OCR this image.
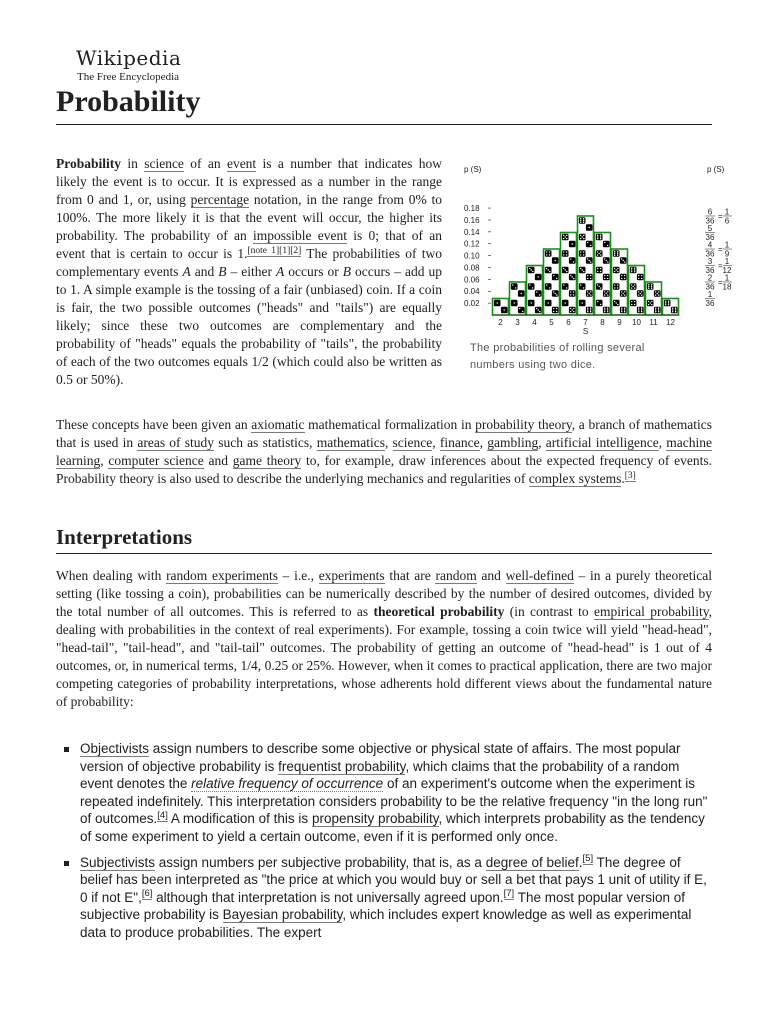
Wikipedia
The Free Encyclopedia
Probability

Probability in science of an event is a number that indicates how likely the event is to occur. It is expressed as a number in the range from 0 and 1, or, using percentage notation, in the range from 0% to 100%. The more likely it is that the event will occur, the higher its probability. The probability of an impossible event is 0; that of an event that is certain to occur is 1.[note 1][1][2] The probabilities of two complementary events A and B – either A occurs or B occurs – add up to 1. A simple example is the tossing of a fair (unbiased) coin. If a coin is fair, the two possible outcomes ("heads" and "tails") are equally likely; since these two outcomes are complementary and the probability of "heads" equals the probability of "tails", the probability of each of the two outcomes equals 1/2 (which could also be written as 0.5 or 50%).

p (S)
0.02
0.04
0.06
0.08
0.10
0.12
0.14
0.16
0.18
2 3 4 5 6 7 8 9 10 11 12
S
p (S)
6
36 = 1
6
5
36
4
36 = 1
9
3
36 = 1
12
2
36 = 1
18
1
36
The probabilities of rolling several numbers using two dice.

These concepts have been given an axiomatic mathematical formalization in probability theory, a branch of mathematics that is used in areas of study such as statistics, mathematics, science, finance, gambling, artificial intelligence, machine learning, computer science and game theory to, for example, draw inferences about the expected frequency of events. Probability theory is also used to describe the underlying mechanics and regularities of complex systems.[3]

Interpretations

When dealing with random experiments – i.e., experiments that are random and well-defined – in a purely theoretical setting (like tossing a coin), probabilities can be numerically described by the number of desired outcomes, divided by the total number of all outcomes. This is referred to as theoretical probability (in contrast to empirical probability, dealing with probabilities in the context of real experiments). For example, tossing a coin twice will yield "head-head", "head-tail", "tail-head", and "tail-tail" outcomes. The probability of getting an outcome of "head-head" is 1 out of 4 outcomes, or, in numerical terms, 1/4, 0.25 or 25%. However, when it comes to practical application, there are two major competing categories of probability interpretations, whose adherents hold different views about the fundamental nature of probability:

Objectivists assign numbers to describe some objective or physical state of affairs. The most popular version of objective probability is frequentist probability, which claims that the probability of a random event denotes the relative frequency of occurrence of an experiment's outcome when the experiment is repeated indefinitely. This interpretation considers probability to be the relative frequency "in the long run" of outcomes.[4] A modification of this is propensity probability, which interprets probability as the tendency of some experiment to yield a certain outcome, even if it is performed only once.
Subjectivists assign numbers per subjective probability, that is, as a degree of belief.[5] The degree of belief has been interpreted as "the price at which you would buy or sell a bet that pays 1 unit of utility if E, 0 if not E",[6] although that interpretation is not universally agreed upon.[7] The most popular version of subjective probability is Bayesian probability, which includes expert knowledge as well as experimental data to produce probabilities. The expert
